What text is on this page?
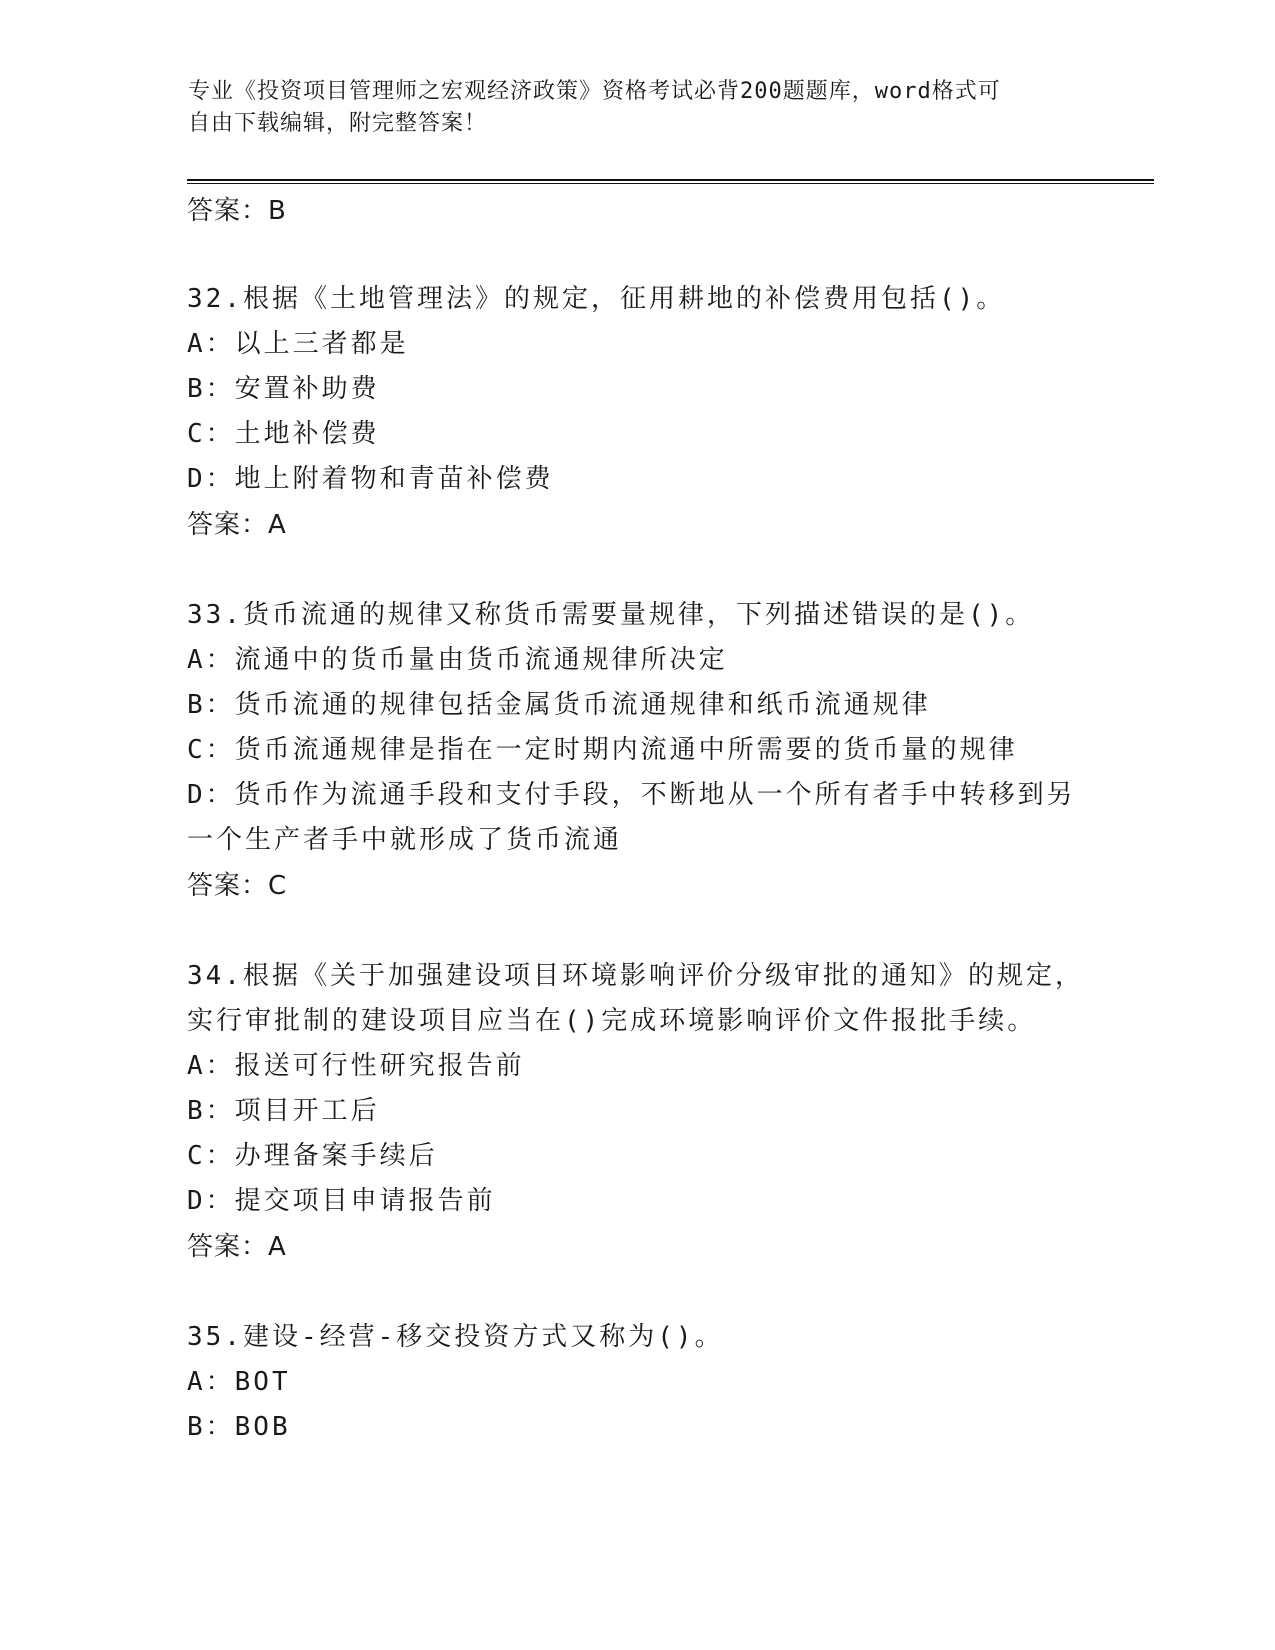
专业《投资项目管理师之宏观经济政策》资格考试必背200题题库，word格式可
自由下载编辑，附完整答案！
答案：B
32.根据《土地管理法》的规定，征用耕地的补偿费用包括()。
A：以上三者都是
B：安置补助费
C：土地补偿费
D：地上附着物和青苗补偿费
答案：A
33.货币流通的规律又称货币需要量规律，下列描述错误的是()。
A：流通中的货币量由货币流通规律所决定
B：货币流通的规律包括金属货币流通规律和纸币流通规律
C：货币流通规律是指在一定时期内流通中所需要的货币量的规律
D：货币作为流通手段和支付手段，不断地从一个所有者手中转移到另
一个生产者手中就形成了货币流通
答案：C
34.根据《关于加强建设项目环境影响评价分级审批的通知》的规定，
实行审批制的建设项目应当在()完成环境影响评价文件报批手续。
A：报送可行性研究报告前
B：项目开工后
C：办理备案手续后
D：提交项目申请报告前
答案：A
35.建设-经营-移交投资方式又称为()。
A：BOT
B：BOB
